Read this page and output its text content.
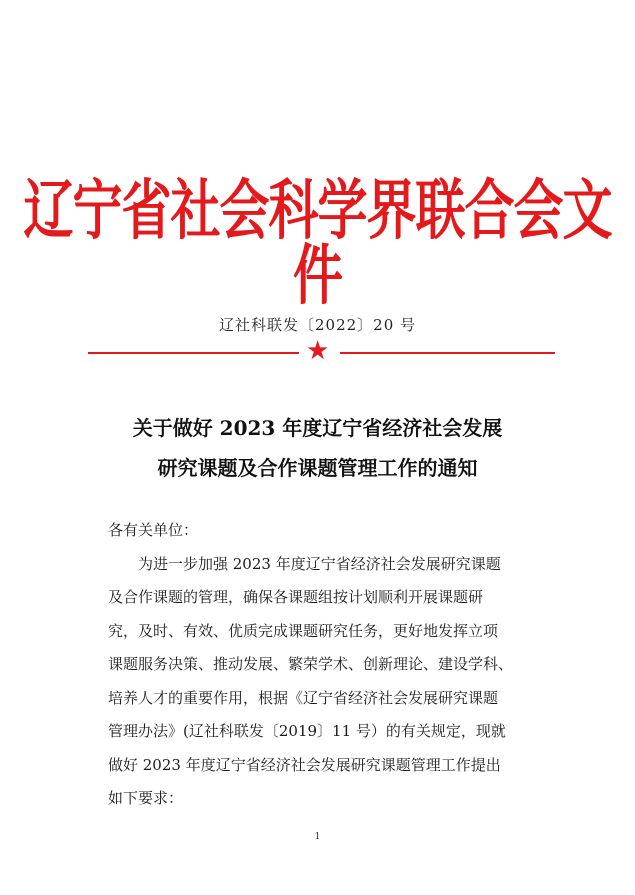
辽宁省社会科学界联合会文件
辽社科联发〔2022〕20 号
★
关于做好 2023 年度辽宁省经济社会发展
研究课题及合作课题管理工作的通知
各有关单位：
为进一步加强 2023 年度辽宁省经济社会发展研究课题
及合作课题的管理，确保各课题组按计划顺利开展课题研
究，及时、有效、优质完成课题研究任务，更好地发挥立项
课题服务决策、推动发展、繁荣学术、创新理论、建设学科、
培养人才的重要作用，根据《辽宁省经济社会发展研究课题
管理办法》(辽社科联发〔2019〕11 号）的有关规定，现就
做好 2023 年度辽宁省经济社会发展研究课题管理工作提出
如下要求：
1
